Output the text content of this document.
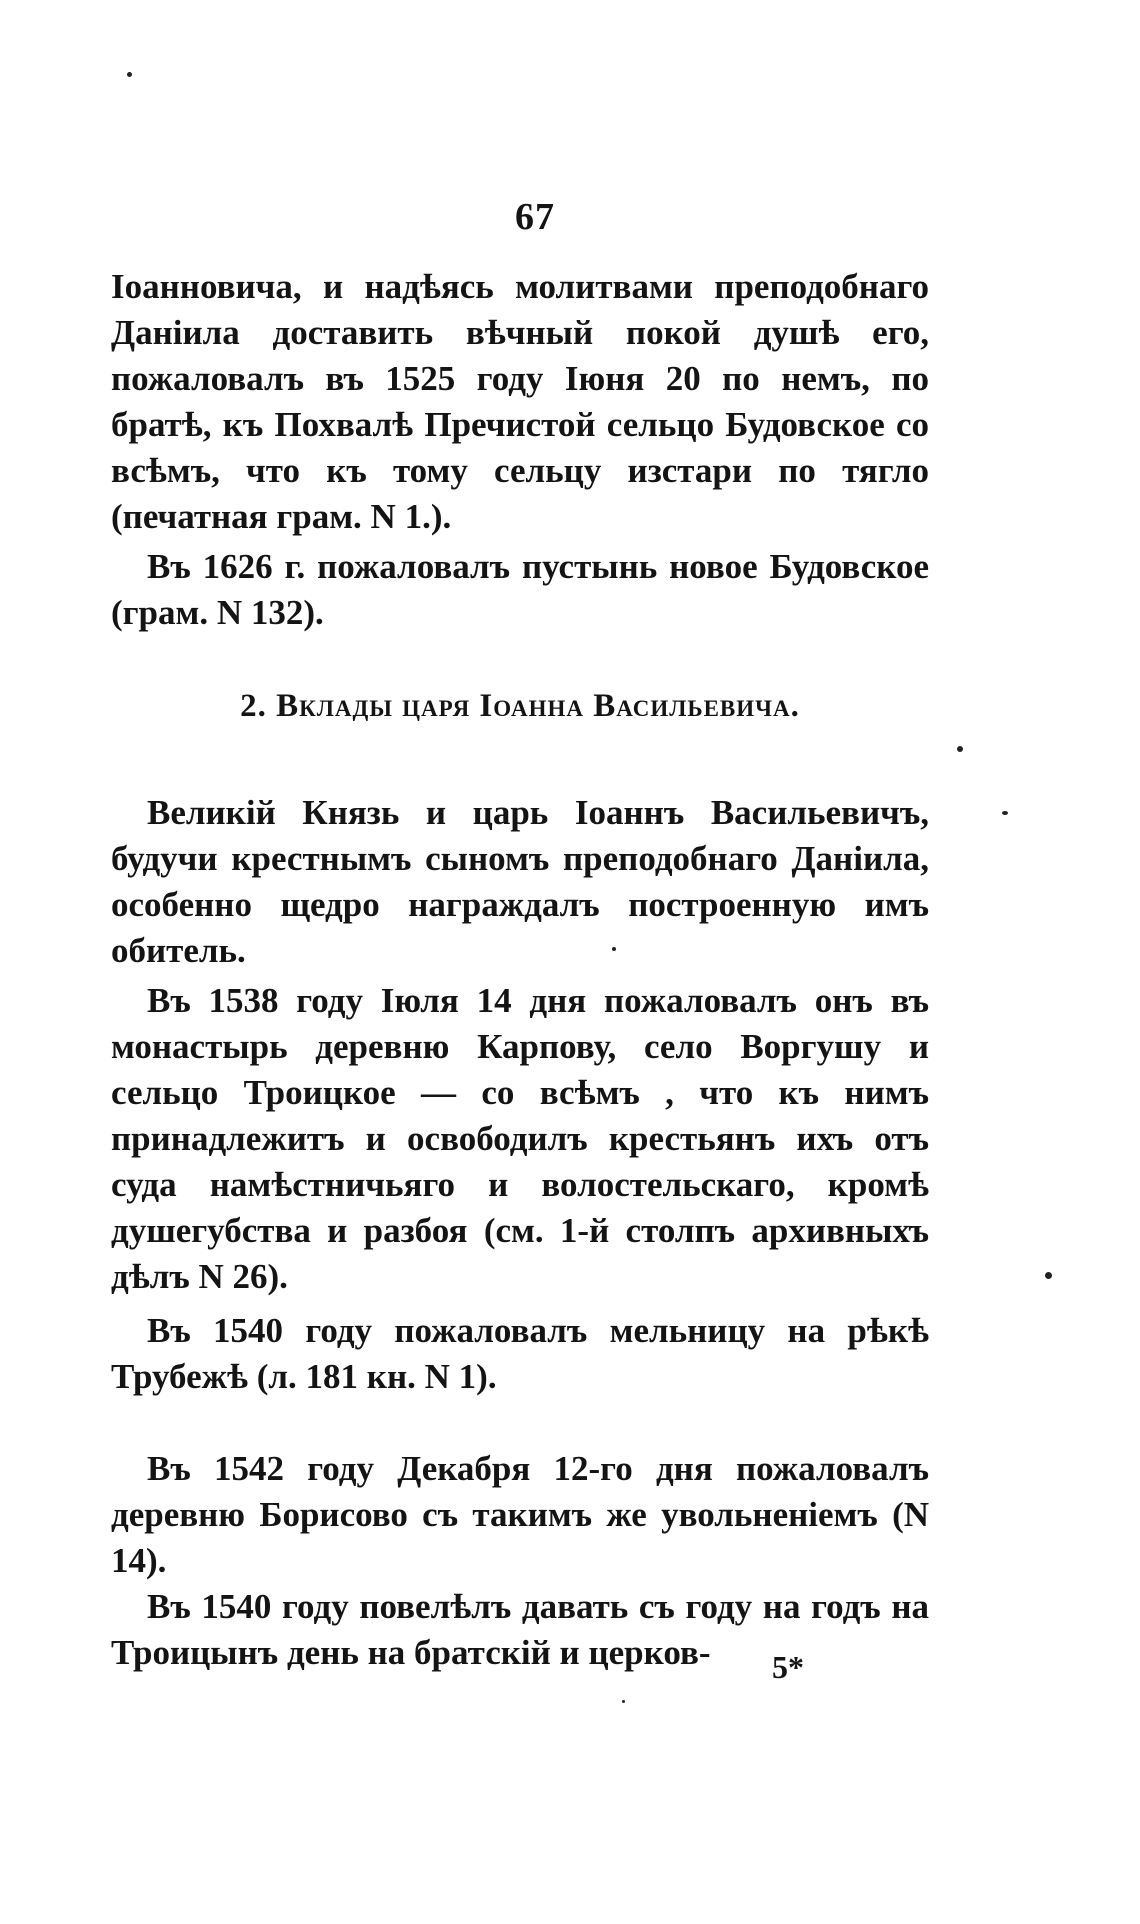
67

Іоанновича, и надѣясь молитвами преподобнаго Даніила доставить вѣчный покой душѣ его, пожаловалъ въ 1525 году Іюня 20 по немъ, по братѣ, къ Похвалѣ Пречистой сельцо Будовское со всѣмъ, что къ тому сельцу изстари по тягло (печатная грам. N 1.).

Въ 1626 г. пожаловалъ пустынь новое Будовское (грам. N 132).

2. Вклады царя Іоанна Васильевича.

Великій Князь и царь Іоаннъ Васильевичъ, будучи крестнымъ сыномъ преподобнаго Даніила, особенно щедро награждалъ построенную имъ обитель.

Въ 1538 году Іюля 14 дня пожаловалъ онъ въ монастырь деревню Карпову, село Воргушу и сельцо Троицкое — со всѣмъ , что къ нимъ принадлежитъ и освободилъ крестьянъ ихъ отъ суда намѣстничьяго и волостельскаго, кромѣ душегубства и разбоя (см. 1-й столпъ архивныхъ дѣлъ N 26).

Въ 1540 году пожаловалъ мельницу на рѣкѣ Трубежѣ (л. 181 кн. N 1).

Въ 1542 году Декабря 12-го дня пожаловалъ деревню Борисово съ такимъ же увольненіемъ (N 14).

Въ 1540 году повелѣлъ давать съ году на годъ на Троицынъ день на братскій и церков-	5*
